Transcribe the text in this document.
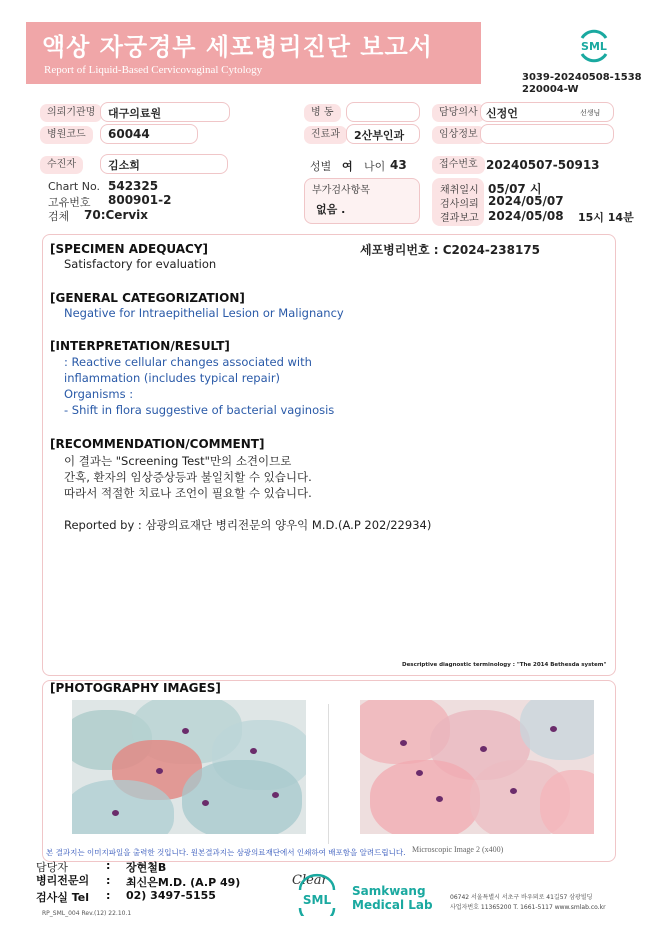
액상 자궁경부 세포병리진단 보고서
Report of Liquid-Based Cervicovaginal Cytology
SML
3039-20240508-1538
220004-W
의뢰기관명	대구의료원
병원코드	60044
수진자	김소희
Chart No. 542325
고유번호 800901-2
검체 70:Cervix
병 동
진료과	2산부인과
성별 여 나이 43
부가검사항목
없음 .
담당의사 신정언	선생님
임상정보
접수번호 20240507-50913
채취일시 05/07 시
검사의뢰 2024/05/07
결과보고 2024/05/08 15시 14분
[SPECIMEN ADEQUACY]	세포병리번호 : C2024-238175
Satisfactory for evaluation
[GENERAL CATEGORIZATION]
Negative for Intraepithelial Lesion or Malignancy
[INTERPRETATION/RESULT]
: Reactive cellular changes associated with
inflammation (includes typical repair)
Organisms :
- Shift in flora suggestive of bacterial vaginosis
[RECOMMENDATION/COMMENT]
이 결과는 "Screening Test"만의 소견이므로
간혹, 환자의 임상증상등과 불일치할 수 있습니다.
따라서 적절한 치료나 조언이 필요할 수 있습니다.
Reported by : 삼광의료재단 병리전문의 양우익 M.D.(A.P 202/22934)
Descriptive diagnostic terminology : "The 2014 Bethesda system"
[PHOTOGRAPHY IMAGES]
Microscopic Image 2 (x400)
본 결과지는 이미지파일을 출력한 것입니다. 원본결과지는 삼광의료재단에서 인쇄하여 배포함을 알려드립니다.
담당자	: 장현철B
병리전문의 : 최신은M.D. (A.P 49)
검사실 Tel : 02) 3497-5155
RP_SML_004 Rev.(12) 22.10.1
Clear
SML
Samkwang
Medical Lab
06742 서울특별시 서초구 바우뫼로 41길57 삼광빌딩
사업자번호 11365200 T. 1661-5117 www.smlab.co.kr
